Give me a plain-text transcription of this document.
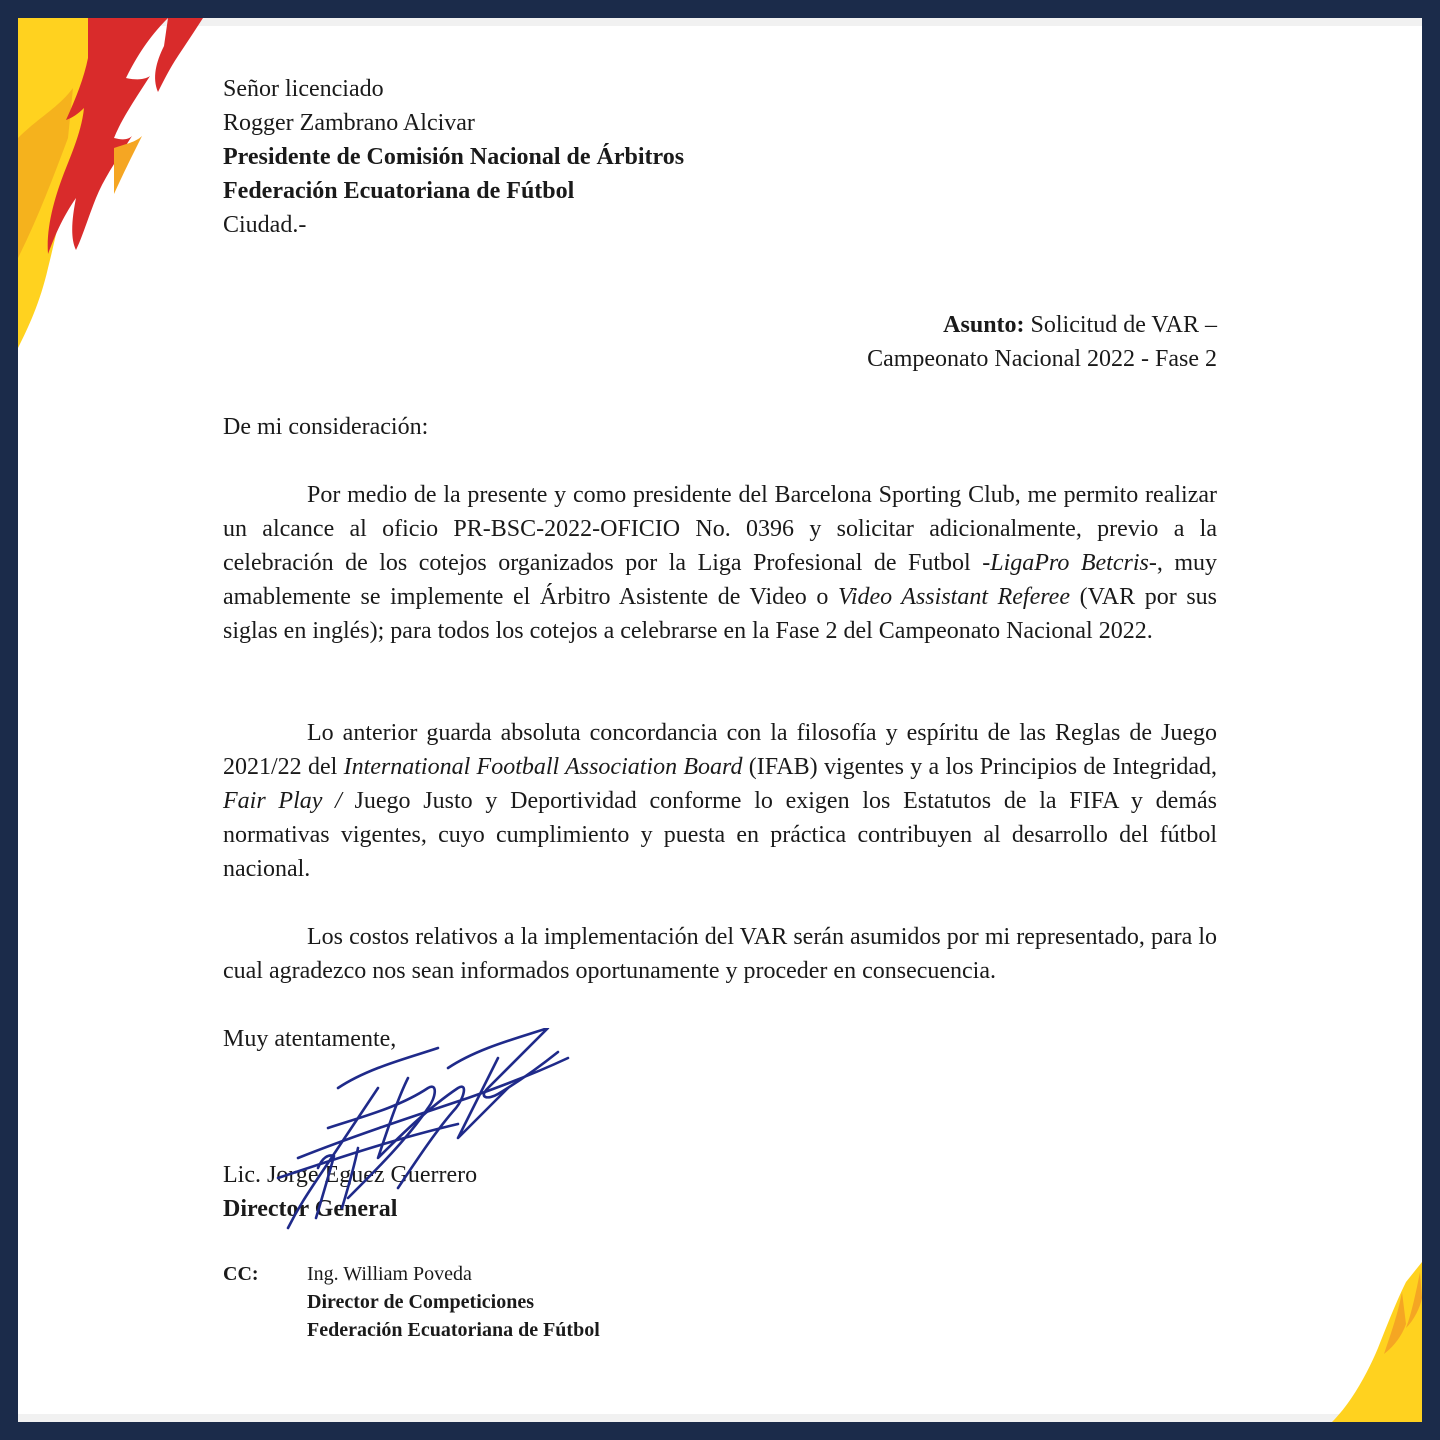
Señor licenciado
Rogger Zambrano Alcivar
Presidente de Comisión Nacional de Árbitros
Federación Ecuatoriana de Fútbol
Ciudad.-
Asunto: Solicitud de VAR –
Campeonato Nacional 2022 - Fase 2
De mi consideración:
Por medio de la presente y como presidente del Barcelona Sporting Club, me permito realizar un alcance al oficio PR-BSC-2022-OFICIO No. 0396 y solicitar adicionalmente, previo a la celebración de los cotejos organizados por la Liga Profesional de Futbol -LigaPro Betcris-, muy amablemente se implemente el Árbitro Asistente de Video o Video Assistant Referee (VAR por sus siglas en inglés); para todos los cotejos a celebrarse en la Fase 2 del Campeonato Nacional 2022.
Lo anterior guarda absoluta concordancia con la filosofía y espíritu de las Reglas de Juego 2021/22 del International Football Association Board (IFAB) vigentes y a los Principios de Integridad, Fair Play / Juego Justo y Deportividad conforme lo exigen los Estatutos de la FIFA y demás normativas vigentes, cuyo cumplimiento y puesta en práctica contribuyen al desarrollo del fútbol nacional.
Los costos relativos a la implementación del VAR serán asumidos por mi representado, para lo cual agradezco nos sean informados oportunamente y proceder en consecuencia.
Muy atentamente,
Lic. Jorge Eguez Guerrero
Director General
CC: Ing. William Poveda
Director de Competiciones
Federación Ecuatoriana de Fútbol
